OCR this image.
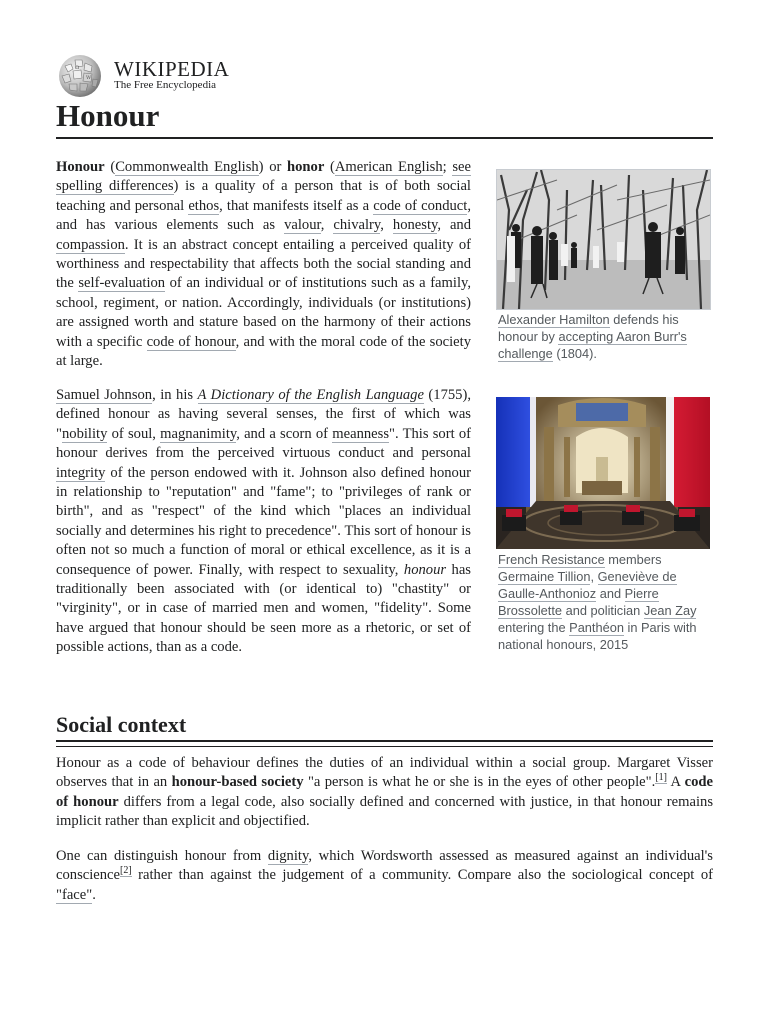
Ω
W WIKIPEDIA
The Free Encyclopedia
Honour

Honour (Commonwealth English) or honor (American English; see spelling differences) is a quality of a person that is of both social teaching and personal ethos, that manifests itself as a code of conduct, and has various elements such as valour, chivalry, honesty, and compassion. It is an abstract concept entailing a perceived quality of worthiness and respectability that affects both the social standing and the self-evaluation of an individual or of institutions such as a family, school, regiment, or nation. Accordingly, individuals (or institutions) are assigned worth and stature based on the harmony of their actions with a specific code of honour, and with the moral code of the society at large.

Samuel Johnson, in his A Dictionary of the English Language (1755), defined honour as having several senses, the first of which was "nobility of soul, magnanimity, and a scorn of meanness". This sort of honour derives from the perceived virtuous conduct and personal integrity of the person endowed with it. Johnson also defined honour in relationship to "reputation" and "fame"; to "privileges of rank or birth", and as "respect" of the kind which "places an individual socially and determines his right to precedence". This sort of honour is often not so much a function of moral or ethical excellence, as it is a consequence of power. Finally, with respect to sexuality, honour has traditionally been associated with (or identical to) "chastity" or "virginity", or in case of married men and women, "fidelity". Some have argued that honour should be seen more as a rhetoric, or set of possible actions, than as a code.

Alexander Hamilton defends his honour by accepting Aaron Burr's challenge (1804).

French Resistance members Germaine Tillion, Geneviève de Gaulle-Anthonioz and Pierre Brossolette and politician Jean Zay entering the Panthéon in Paris with national honours, 2015

Social context

Honour as a code of behaviour defines the duties of an individual within a social group. Margaret Visser observes that in an honour-based society "a person is what he or she is in the eyes of other people".[1] A code of honour differs from a legal code, also socially defined and concerned with justice, in that honour remains implicit rather than explicit and objectified.

One can distinguish honour from dignity, which Wordsworth assessed as measured against an individual's conscience[2] rather than against the judgement of a community. Compare also the sociological concept of "face".
